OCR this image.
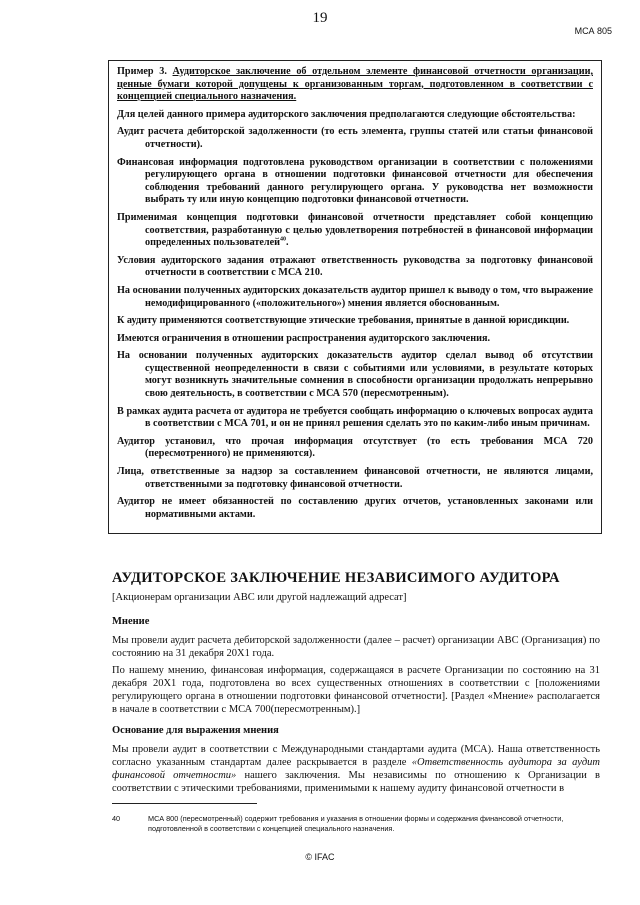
19
МСА 805

Пример 3. Аудиторское заключение об отдельном элементе финансовой отчетности организации, ценные бумаги которой допущены к организованным торгам, подготовленном в соответствии с концепцией специального назначения.

Для целей данного примера аудиторского заключения предполагаются следующие обстоятельства:

Аудит расчета дебиторской задолженности (то есть элемента, группы статей или статьи финансовой отчетности).

Финансовая информация подготовлена руководством организации в соответствии с положениями регулирующего органа в отношении подготовки финансовой отчетности для обеспечения соблюдения требований данного регулирующего органа. У руководства нет возможности выбрать ту или иную концепцию подготовки финансовой отчетности.

Применимая концепция подготовки финансовой отчетности представляет собой концепцию соответствия, разработанную с целью удовлетворения потребностей в финансовой информации определенных пользователей$^{40}$.

Условия аудиторского задания отражают ответственность руководства за подготовку финансовой отчетности в соответствии с МСА 210.

На основании полученных аудиторских доказательств аудитор пришел к выводу о том, что выражение немодифицированного («положительного») мнения является обоснованным.

К аудиту применяются соответствующие этические требования, принятые в данной юрисдикции.

Имеются ограничения в отношении распространения аудиторского заключения.

На основании полученных аудиторских доказательств аудитор сделал вывод об отсутствии существенной неопределенности в связи с событиями или условиями, в результате которых могут возникнуть значительные сомнения в способности организации продолжать непрерывно свою деятельность, в соответствии с МСА 570 (пересмотренным).

В рамках аудита расчета от аудитора не требуется сообщать информацию о ключевых вопросах аудита в соответствии с МСА 701, и он не принял решения сделать это по каким-либо иным причинам.

Аудитор установил, что прочая информация отсутствует (то есть требования МСА 720 (пересмотренного) не применяются).

Лица, ответственные за надзор за составлением финансовой отчетности, не являются лицами, ответственными за подготовку финансовой отчетности.

Аудитор не имеет обязанностей по составлению других отчетов, установленных законами или нормативными актами.

АУДИТОРСКОЕ ЗАКЛЮЧЕНИЕ НЕЗАВИСИМОГО АУДИТОРА
[Акционерам организации АВС или другой надлежащий адресат]
Мнение
Мы провели аудит расчета дебиторской задолженности (далее – расчет) организации АВС (Организация) по состоянию на 31 декабря 20X1 года.
По нашему мнению, финансовая информация, содержащаяся в расчете Организации по состоянию на 31 декабря 20X1 года, подготовлена во всех существенных отношениях в соответствии с [положениями регулирующего органа в отношении подготовки финансовой отчетности]. [Раздел «Мнение» располагается в начале в соответствии с МСА 700(пересмотренным).]
Основание для выражения мнения
Мы провели аудит в соответствии с Международными стандартами аудита (МСА). Наша ответственность согласно указанным стандартам далее раскрывается в разделе «Ответственность аудитора за аудит финансовой отчетности» нашего заключения. Мы независимы по отношению к Организации в соответствии с этическими требованиями, применимыми к нашему аудиту финансовой отчетности в
40	МСА 800 (пересмотренный) содержит требования и указания в отношении формы и содержания финансовой отчетности, подготовленной в соответствии с концепцией специального назначения.
© IFAC
